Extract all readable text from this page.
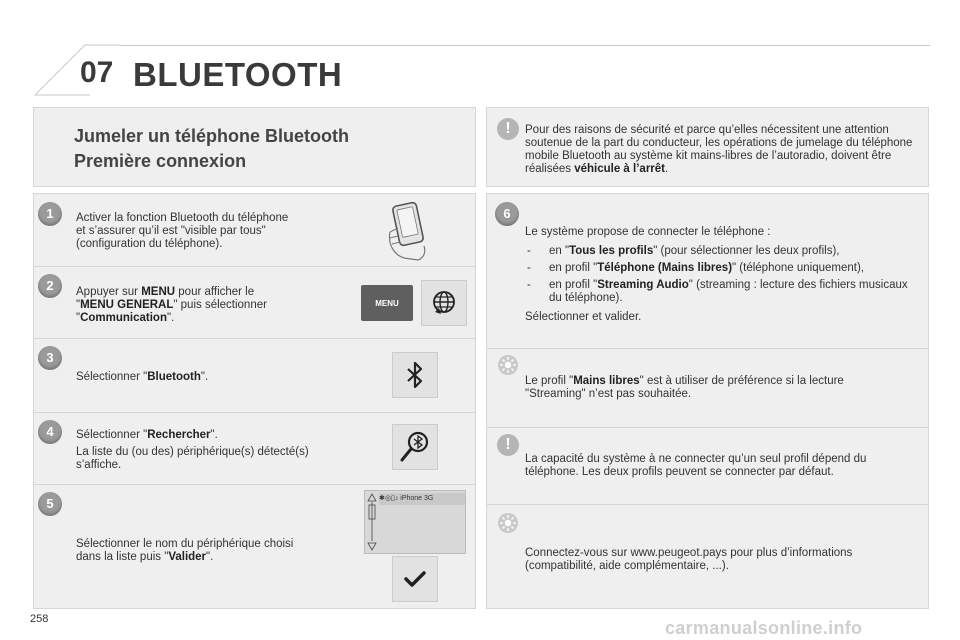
07 BLUETOOTH
Jumeler un téléphone Bluetooth
Première connexion
!	Pour des raisons de sécurité et parce qu’elles nécessitent une attention soutenue de la part du conducteur, les opérations de jumelage du téléphone mobile Bluetooth au système kit mains-libres de l’autoradio, doivent être réalisées véhicule à l’arrêt.
1	Activer la fonction Bluetooth du téléphone
et s’assurer qu’il est "visible par tous"
(configuration du téléphone).
2	Appuyer sur MENU pour afficher le
"MENU GENERAL" puis sélectionner
"Communication".
MENU
3
Sélectionner "Bluetooth".
4	Sélectionner "Rechercher".
La liste du (ou des) périphérique(s) détecté(s)
s’affiche.
5
Sélectionner le nom du périphérique choisi
dans la liste puis "Valider".
✱◎▯♪ iPhone 3G
6
Le système propose de connecter le téléphone :
- en "Tous les profils" (pour sélectionner les deux profils),
- en profil "Téléphone (Mains libres)" (téléphone uniquement),
- en profil "Streaming Audio" (streaming : lecture des fichiers musicaux du téléphone).
Sélectionner et valider.
Le profil "Mains libres" est à utiliser de préférence si la lecture "Streaming" n’est pas souhaitée.
!
La capacité du système à ne connecter qu’un seul profil dépend du téléphone. Les deux profils peuvent se connecter par défaut.
Connectez-vous sur www.peugeot.pays pour plus d’informations (compatibilité, aide complémentaire, ...).
258	carmanualsonline.info
